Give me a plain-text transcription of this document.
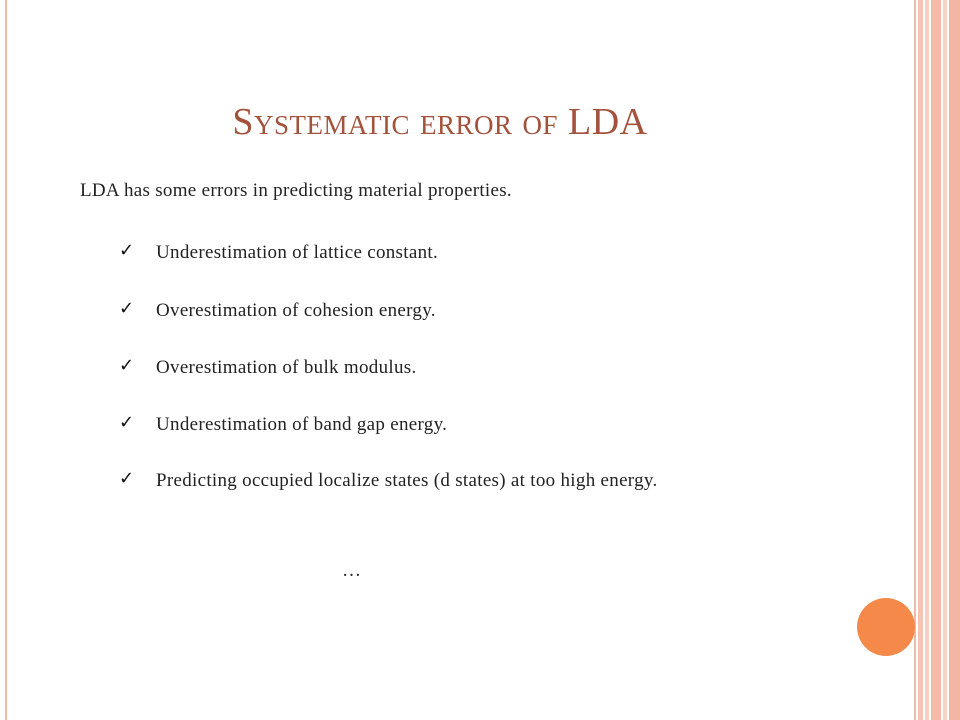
Systematic error of LDA
LDA has some errors in predicting material properties.
✓	Underestimation of lattice constant.
✓	Overestimation of cohesion energy.
✓	Overestimation of bulk modulus.
✓	Underestimation of band gap energy.
✓	Predicting occupied localize states (d states) at too high energy.
…
